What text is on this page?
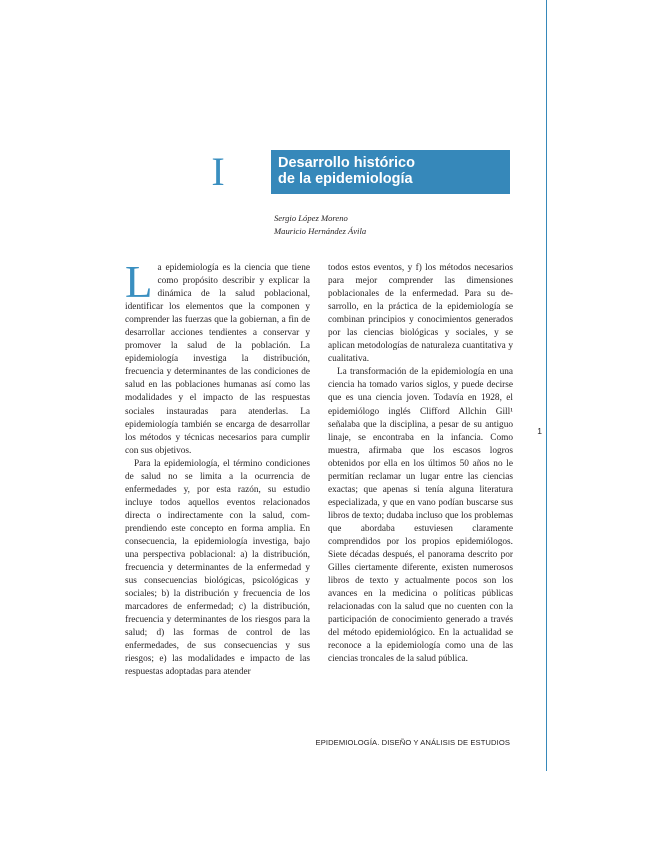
I	Desarrollo histórico
de la epidemiología
Sergio López Moreno
Mauricio Hernández Ávila

La epidemiología es la ciencia que tiene como propósito describir y explicar la dinámica de la salud poblacional, identificar los elementos que la componen y comprender las fuerzas que la gobiernan, a fin de desarrollar acciones tendientes a conservar y promover la salud de la población. La epidemiología investiga la distribución, frecuencia y determinantes de las condiciones de salud en las poblaciones humanas así como las modalidades y el impacto de las respuestas sociales instauradas para atenderlas. La epidemiología también se encarga de desarrollar los métodos y técnicas necesarios para cumplir con sus objetivos.

Para la epidemiología, el término condiciones de salud no se limita a la ocurrencia de enfermedades y, por esta razón, su estudio incluye todos aquellos eventos relacionados directa o indirectamente con la salud, comprendiendo este concepto en forma amplia. En consecuencia, la epidemiología investiga, bajo una perspectiva poblacional: a) la distribución, frecuencia y determinantes de la enfermedad y sus consecuencias biológicas, psicológicas y sociales; b) la distribución y frecuencia de los marcadores de enfermedad; c) la distribución, frecuencia y determinantes de los riesgos para la salud; d) las formas de control de las enfermedades, de sus consecuencias y sus riesgos; e) las modalidades e impacto de las respuestas adoptadas para atender

todos estos eventos, y f) los métodos necesarios para mejor comprender las dimensiones poblacionales de la enfermedad. Para su desarrollo, en la práctica de la epidemiología se combinan principios y conocimientos generados por las ciencias biológicas y sociales, y se aplican metodologías de naturaleza cuantitativa y cualitativa.

La transformación de la epidemiología en una ciencia ha tomado varios siglos, y puede decirse que es una ciencia joven. Todavía en 1928, el epidemiólogo inglés Clifford Allchin Gill¹ señalaba que la disciplina, a pesar de su antiguo linaje, se encontraba en la infancia. Como muestra, afirmaba que los escasos logros obtenidos por ella en los últimos 50 años no le permitían reclamar un lugar entre las ciencias exactas; que apenas si tenía alguna literatura especializada, y que en vano podían buscarse sus libros de texto; dudaba incluso que los problemas que abordaba estuviesen claramente comprendidos por los propios epidemiólogos. Siete décadas después, el panorama descrito por Gilles ciertamente diferente, existen numerosos libros de texto y actualmente pocos son los avances en la medicina o políticas públicas relacionadas con la salud que no cuenten con la participación de conocimiento generado a través del método epidemiológico. En la actualidad se reconoce a la epidemiología como una de las ciencias troncales de la salud pública.

1
EPIDEMIOLOGÍA. DISEÑO Y ANÁLISIS DE ESTUDIOS
